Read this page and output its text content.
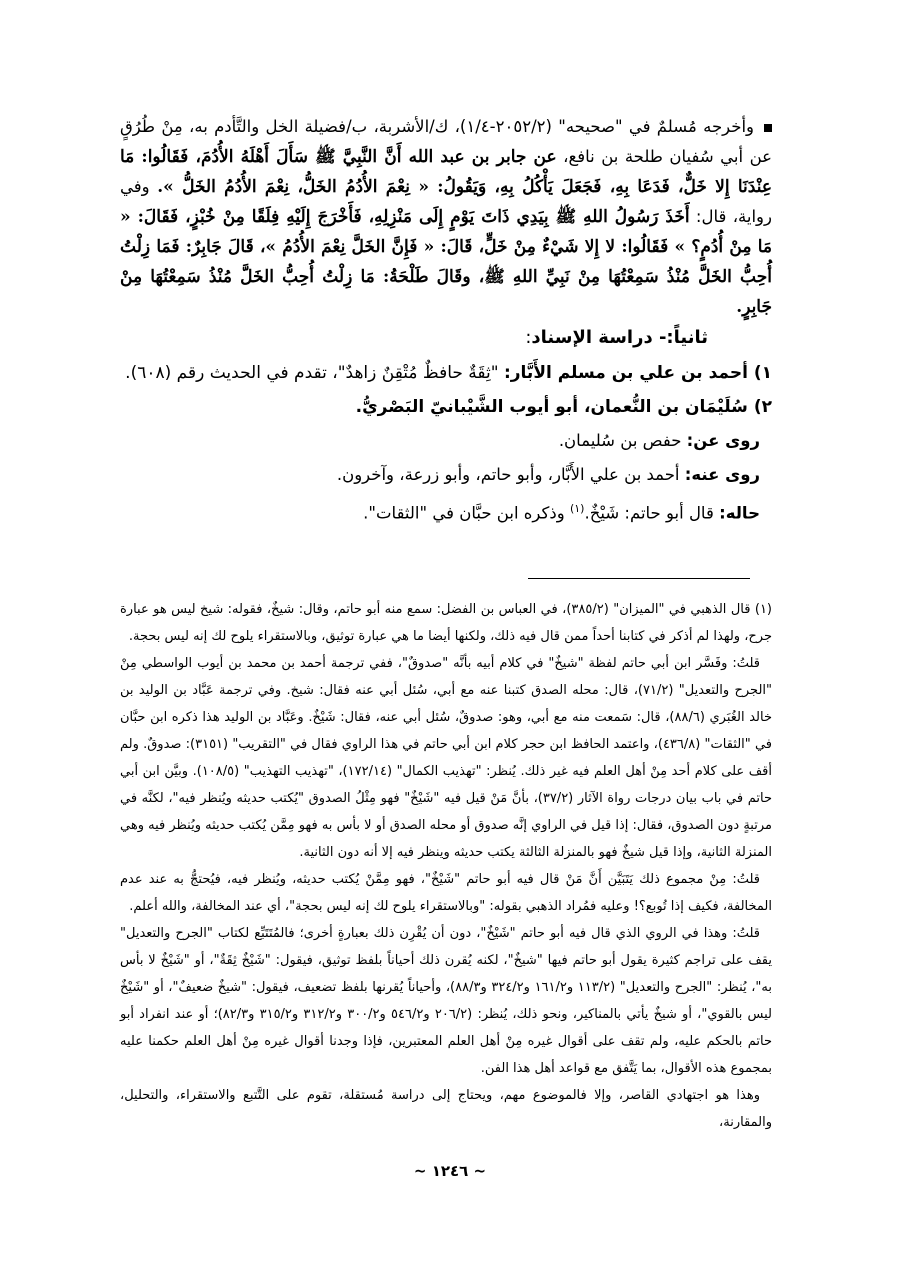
وأخرجه مُسلمٌ في "صحيحه" (٢٠٥٢/٢-١/٤)، ك/الأشربة، ب/فضيلة الخل والتَّأدم به، مِنْ طُرُقٍ عن أبي سُفيان طلحة بن نافع، عن جابر بن عبد الله أَنَّ النَّبِيَّ ﷺ سَأَلَ أَهْلَهُ الأُدُمَ، فَقَالُوا: مَا عِنْدَنَا إِلا خَلٌّ، فَدَعَا بِهِ، فَجَعَلَ يَأْكُلُ بِهِ، وَيَقُولُ: « نِعْمَ الأُدُمُ الخَلُّ، نِعْمَ الأُدُمُ الخَلُّ ». وفي رواية، قال: أَخَذَ رَسُولُ اللهِ ﷺ بِيَدِي ذَاتَ يَوْمٍ إِلَى مَنْزِلِهِ، فَأَخْرَجَ إِلَيْهِ فِلَقًا مِنْ خُبْزٍ، فَقَالَ: « مَا مِنْ أُدُمٍ؟ » فَقَالُوا: لا إِلا شَيْءٌ مِنْ خَلٍّ، قَالَ: « فَإِنَّ الخَلَّ نِعْمَ الأُدُمُ »، قَالَ جَابِرٌ: فَمَا زِلْتُ أُحِبُّ الخَلَّ مُنْذُ سَمِعْتُهَا مِنْ نَبِيِّ اللهِ ﷺ، وقَالَ طَلْحَةُ: مَا زِلْتُ أُحِبُّ الخَلَّ مُنْذُ سَمِعْتُهَا مِنْ جَابِرٍ.

ثانياً:- دراسة الإسناد:

١) أحمد بن علي بن مسلم الأَبَّار: "ثِقَةٌ حافظٌ مُتْقِنٌ زاهدٌ"، تقدم في الحديث رقم (٦٠٨).

٢) سُلَيْمَان بن النُّعمان، أبو أيوب الشَّيْبانيّ البَصْريُّ.

روى عن: حفص بن سُليمان.

روى عنه: أحمد بن علي الأَبَّار، وأبو حاتم، وأبو زرعة، وآخرون.

حاله: قال أبو حاتم: شَيْخٌ.$^{(١)}$ وذكره ابن حبَّان في "الثقات".

(١) قال الذهبي في "الميزان" (٣٨٥/٢)، في العباس بن الفضل: سمع منه أبو حاتم، وقال: شيخٌ، فقوله: شيخ ليس هو عبارة جرح، ولهذا لم أذكر في كتابنا أحداً ممن قال فيه ذلك، ولكنها أيضا ما هي عبارة توثيق، وبالاستقراء يلوح لك إنه ليس بحجة.

قلتُ: وفَسَّر ابن أبي حاتم لفظة "شيخٌ" في كلام أبيه بأنَّه "صدوقٌ"، ففي ترجمة أحمد بن محمد بن أيوب الواسطي مِنْ "الجرح والتعديل" (٧١/٢)، قال: محله الصدق كتبنا عنه مع أبي، سُئل أبي عنه فقال: شيخ. وفي ترجمة عَبَّاد بن الوليد بن خالد الغُبَري (٨٨/٦)، قال: سَمعت منه مع أبي، وهو: صدوقٌ، سُئل أبي عنه، فقال: شَيْخٌ. وعَبَّاد بن الوليد هذا ذكره ابن حبَّان في "الثقات" (٤٣٦/٨)، واعتمد الحافظ ابن حجر كلام ابن أبي حاتم في هذا الراوي فقال في "التقريب" (٣١٥١): صدوقٌ. ولم أقف على كلام أحد مِنْ أهل العلم فيه غير ذلك. يُنظر: "تهذيب الكمال" (١٧٢/١٤)، "تهذيب التهذيب" (١٠٨/٥). وبيَّن ابن أبي حاتم في باب بيان درجات رواة الآثار (٣٧/٢)، بأنَّ مَنْ قيل فيه "شَيْخٌ" فهو مِثْلُ الصدوق "يُكتب حديثه ويُنظر فيه"، لكنَّه في مرتبةٍ دون الصدوق، فقال: إذا قيل في الراوي إنَّه صدوق أو محله الصدق أو لا بأس به فهو مِمَّن يُكتب حديثه ويُنظر فيه وهي المنزلة الثانية، وإذا قيل شيخٌ فهو بالمنزلة الثالثة يكتب حديثه وينظر فيه إلا أنه دون الثانية.

قلتُ: مِنْ مجموع ذلك يَتَبَيَّن أَنَّ مَنْ قال فيه أبو حاتم "شَيْخٌ"، فهو مِمَّنْ يُكتب حديثه، ويُنظر فيه، فيُحتجُّ به عند عدم المخالفة، فكيف إذا تُوبع؟! وعليه فمُراد الذهبي بقوله: "وبالاستقراء يلوح لك إنه ليس بحجة"، أي عند المخالفة، والله أعلم.

قلتُ: وهذا في الروي الذي قال فيه أبو حاتم "شَيْخٌ"، دون أن يُقْرِن ذلك بعبارةٍ أخرى؛ فالمُتَتَبِّع لكتاب "الجرح والتعديل" يقف على تراجم كثيرة يقول أبو حاتم فيها "شيخٌ"، لكنه يُقرن ذلك أحياناً بلفظ توثيق، فيقول: "شَيْخٌ ثِقَةٌ"، أو "شَيْخٌ لا بأس به"، يُنظر: "الجرح والتعديل" (١١٣/٢ و١٦١/٢ و٣٢٤/٢ و٨٨/٣)، وأحياناً يُقرنها بلفظ تضعيف، فيقول: "شيخٌ ضعيفٌ"، أو "شَيْخٌ ليس بالقوي"، أو شيخٌ يأتي بالمناكير، ونحو ذلك، يُنظر: (٢٠٦/٢ و٥٤٦/٢ و٣٠٠/٢ و٣١٢/٢ و٣١٥/٢ و٨٢/٣)؛ أو عند انفراد أبو حاتم بالحكم عليه، ولم تقف على أقوال غيره مِنْ أهل العلم المعتبرين، فإذا وجدنا أقوال غيره مِنْ أهل العلم حكمنا عليه بمجموع هذه الأقوال، بما يَتَّفق مع قواعد أهل هذا الفن.

وهذا هو اجتهادي القاصر، وإلا فالموضوع مهم، ويحتاج إلى دراسة مُستقلة، تقوم على التَّتبع والاستقراء، والتحليل، والمقارنة،

~ ١٢٤٦ ~
